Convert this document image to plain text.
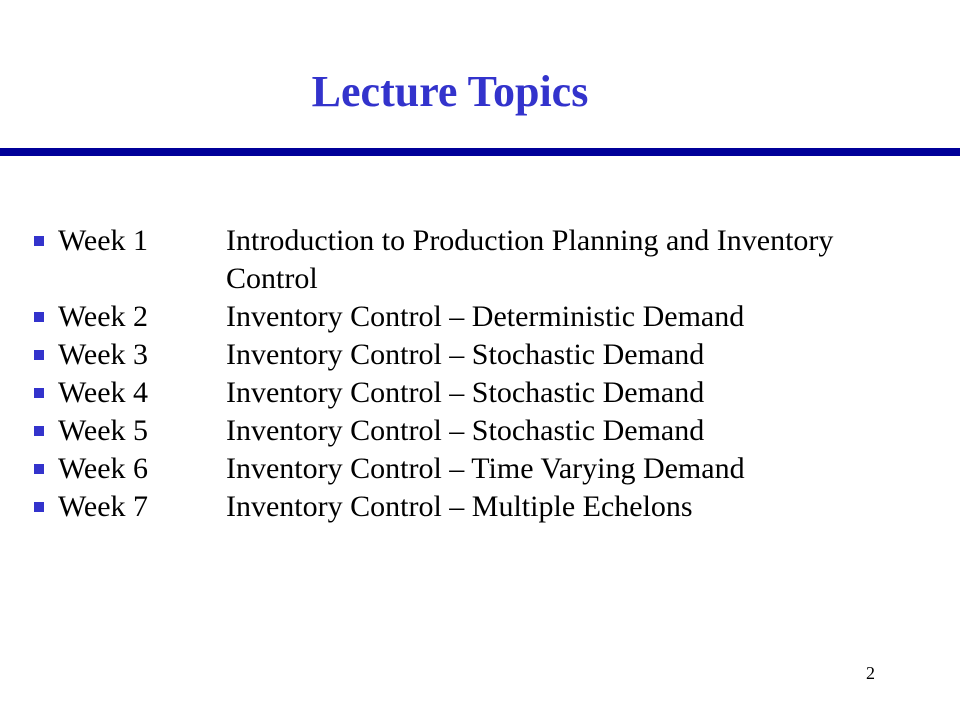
Lecture Topics
Week 1	Introduction to Production Planning and Inventory Control
Week 2	Inventory Control – Deterministic Demand
Week 3	Inventory Control – Stochastic Demand
Week 4	Inventory Control – Stochastic Demand
Week 5	Inventory Control – Stochastic Demand
Week 6	Inventory Control – Time Varying Demand
Week 7	Inventory Control – Multiple Echelons
2
